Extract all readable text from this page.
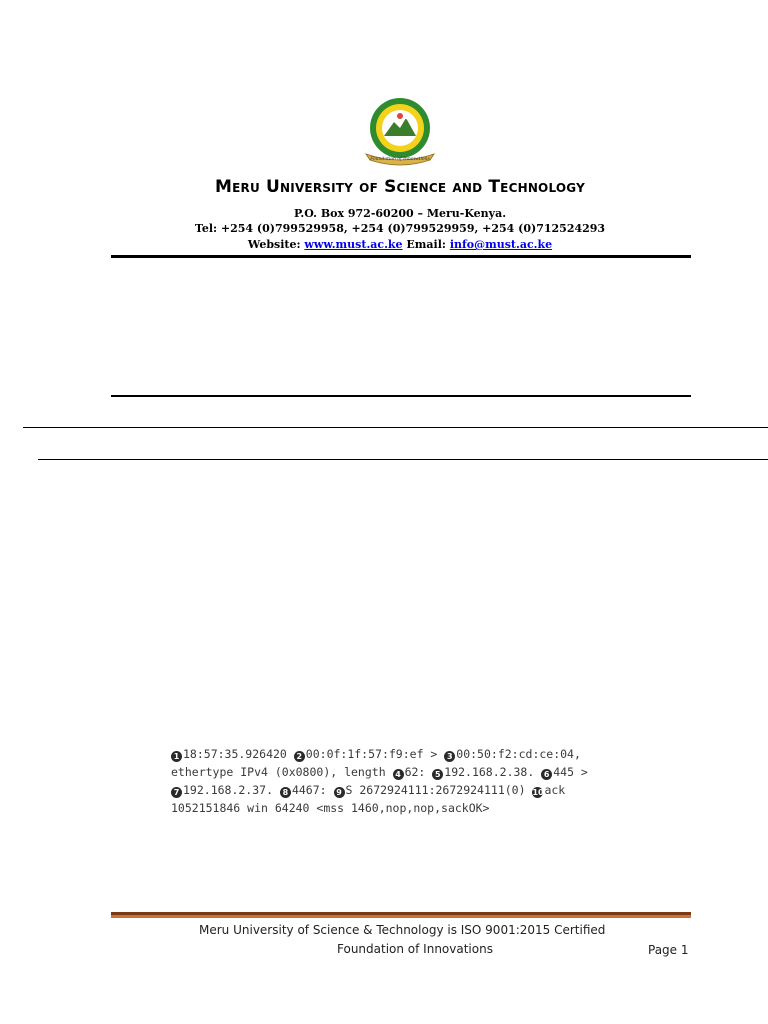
Foundation of Innovations
Meru University of Science and Technology
P.O. Box 972-60200 – Meru-Kenya.
Tel: +254 (0)799529958, +254 (0)799529959, +254 (0)712524293
Website: www.must.ac.ke Email: info@must.ac.ke
1 18:57:35.926420 2 00:0f:1f:57:f9:ef > 3 00:50:f2:cd:ce:04,
ethertype IPv4 (0x0800), length 4 62: 5 192.168.2.38. 6 445 >
7 192.168.2.37. 8 4467: 9 S 2672924111:2672924111(0) 10ack
1052151846 win 64240 <mss 1460,nop,nop,sackOK>
Meru University of Science & Technology is ISO 9001:2015 Certified
Foundation of Innovations	Page 1
